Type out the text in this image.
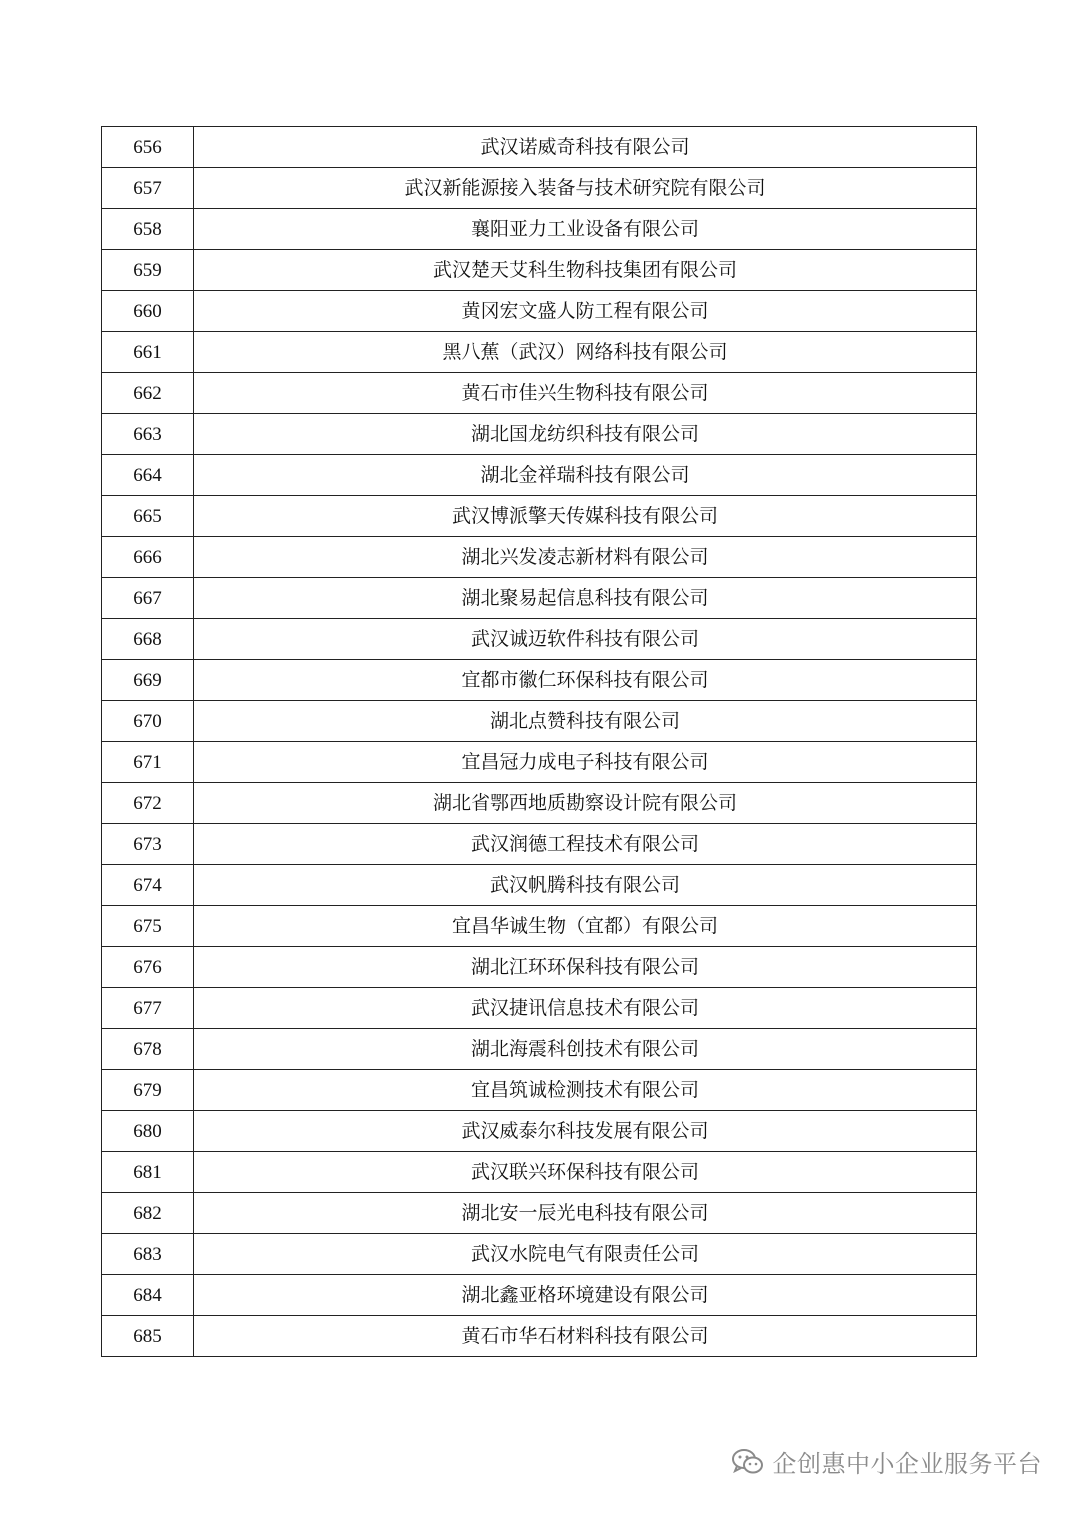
656	武汉诺威奇科技有限公司
657	武汉新能源接入装备与技术研究院有限公司
658	襄阳亚力工业设备有限公司
659	武汉楚天艾科生物科技集团有限公司
660	黄冈宏文盛人防工程有限公司
661	黑八蕉（武汉）网络科技有限公司
662	黄石市佳兴生物科技有限公司
663	湖北国龙纺织科技有限公司
664	湖北金祥瑞科技有限公司
665	武汉博派擎天传媒科技有限公司
666	湖北兴发凌志新材料有限公司
667	湖北聚易起信息科技有限公司
668	武汉诚迈软件科技有限公司
669	宜都市徽仁环保科技有限公司
670	湖北点赞科技有限公司
671	宜昌冠力成电子科技有限公司
672	湖北省鄂西地质勘察设计院有限公司
673	武汉润德工程技术有限公司
674	武汉帆腾科技有限公司
675	宜昌华诚生物（宜都）有限公司
676	湖北江环环保科技有限公司
677	武汉捷讯信息技术有限公司
678	湖北海震科创技术有限公司
679	宜昌筑诚检测技术有限公司
680	武汉威泰尔科技发展有限公司
681	武汉联兴环保科技有限公司
682	湖北安一辰光电科技有限公司
683	武汉水院电气有限责任公司
684	湖北鑫亚格环境建设有限公司
685	黄石市华石材料科技有限公司
企创惠中小企业服务平台
